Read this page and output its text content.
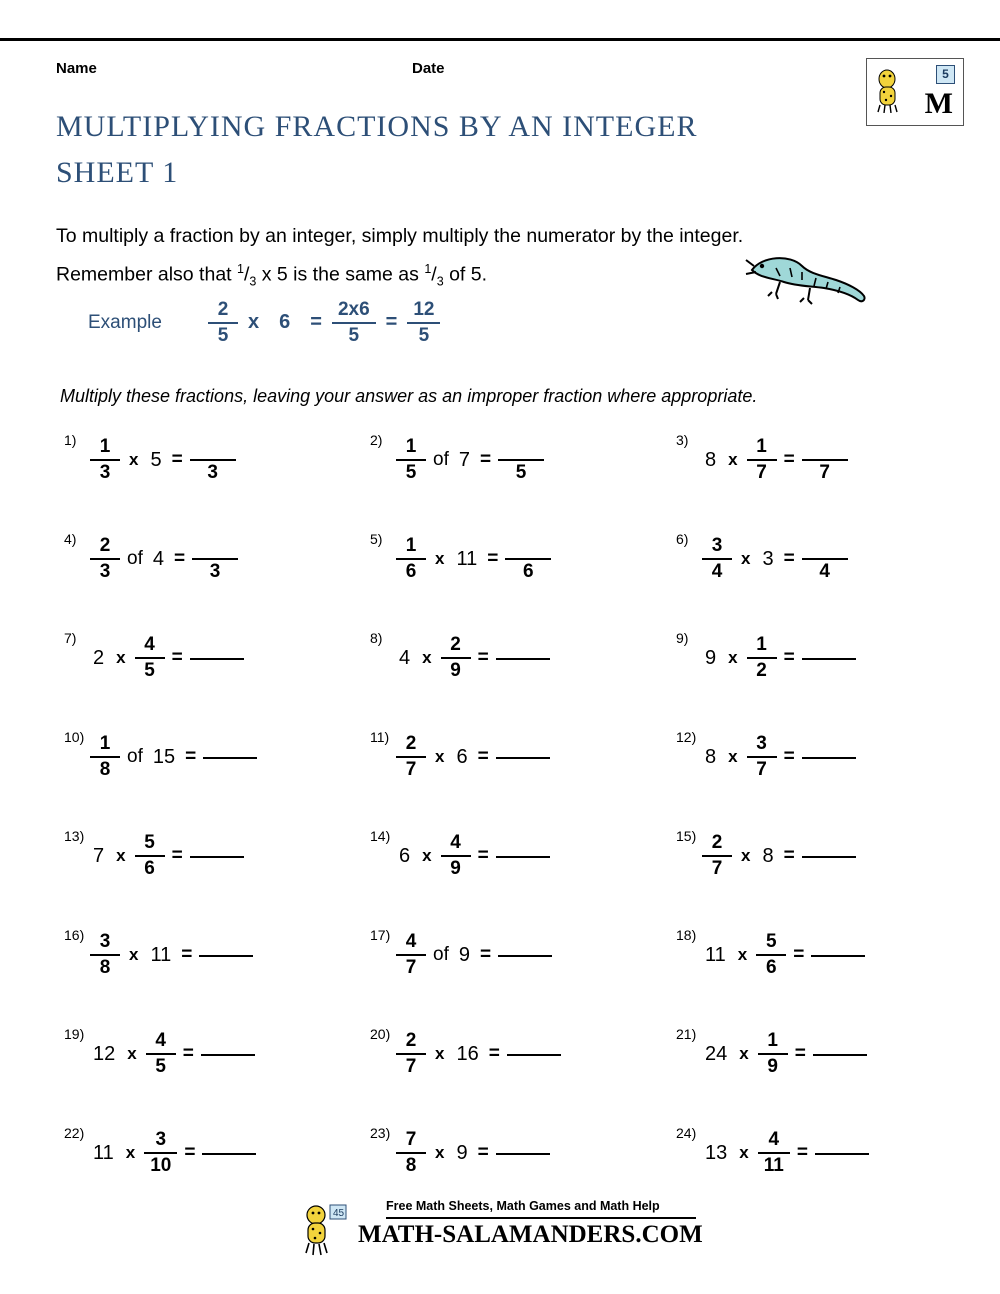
Name	Date
MULTIPLYING FRACTIONS BY AN INTEGER
SHEET 1
5
M
To multiply a fraction by an integer, simply multiply the numerator by the integer.
Remember also that $^1/_3$ x 5 is the same as $^1/_3$ of 5.
Example $\frac{2}{5}$ x $6 = \frac{2x6}{5} = \frac{12}{5}$
Multiply these fractions, leaving your answer as an improper fraction where appropriate.
$1) \frac{1}{3}$ x 5 =
3
$2) \frac{1}{5}$ of 7 =
5
3)
8 x $\frac{1}{7}$ =
7
$4) \frac{2}{3}$ of 4 =
3
$5) \frac{1}{6}$ x 11 =
6
$6) \frac{3}{4}$ x 3 =
4
7)
2 x $\frac{4}{5}$ =
8)
4 x $\frac{2}{9}$ =
9)
9 x $\frac{1}{2}$ =
$10) \frac{1}{8}$ of 15 =
$11) \frac{2}{7}$ x 6 =
12)
8 x $\frac{3}{7}$ =
13)
7 x $\frac{5}{6}$ =
14)
6 x $\frac{4}{9}$ =
$15) \frac{2}{7}$ x 8 =
$16) \frac{3}{8}$ x 11 =
$17) \frac{4}{7}$ of 9 =
18)
11 x $\frac{5}{6}$ =
19)
12 x $\frac{4}{5}$ =
$20) \frac{2}{7}$ x 16 =
21)
24 x $\frac{1}{9}$ =
22)
11 x $\frac{3}{10}$ =
$23) \frac{7}{8}$ x 9 =
24)
13 x $\frac{4}{11}$ =
45
Free Math Sheets, Math Games and Math Help
MATH-SALAMANDERS.COM
